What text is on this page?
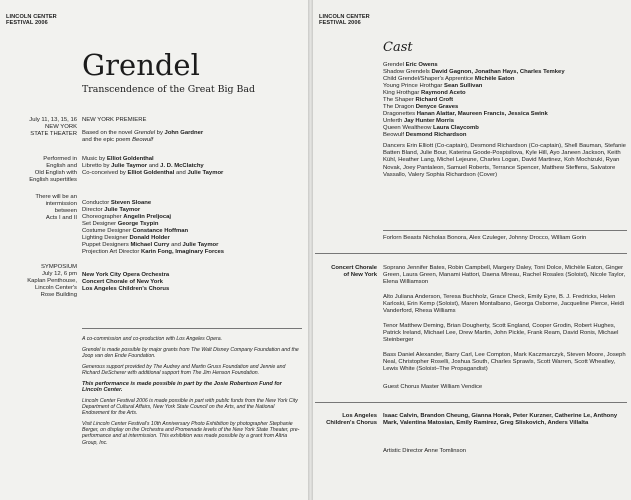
LINCOLN CENTER
FESTIVAL 2006
Grendel
Transcendence of the Great Big Bad
July 11, 13, 15, 16
NEW YORK
STATE THEATER
NEW YORK PREMIERE
Based on the novel Grendel by John Gardner
and the epic poem Beowulf
Performed in
English and
Old English with
English supertitles
Music by Elliot Goldenthal
Libretto by Julie Taymor and J. D. McClatchy
Co-conceived by Elliot Goldenthal and Julie Taymor
There will be an
intermission
between
Acts I and II
Conductor Steven Sloane
Director Julie Taymor
Choreographer Angelin Preljocaj
Set Designer George Tsypin
Costume Designer Constance Hoffman
Lighting Designer Donald Holder
Puppet Designers Michael Curry and Julie Taymor
Projection Art Director Karin Fong, Imaginary Forces
SYMPOSIUM
July 12, 6 pm
Kaplan Penthouse,
Lincoln Center's
Rose Building
New York City Opera Orchestra
Concert Chorale of New York
Los Angeles Children's Chorus

A co-commission and co-production with Los Angeles Opera.

Grendel is made possible by major grants from The Walt Disney Company Foundation and the Joop van den Ende Foundation.

Generous support provided by The Audrey and Martin Gruss Foundation and Jennie and Richard DeScherer with additional support from The Jim Henson Foundation.

This performance is made possible in part by the Josie Robertson Fund for Lincoln Center.

Lincoln Center Festival 2006 is made possible in part with public funds from the New York City Department of Cultural Affairs, New York State Council on the Arts, and the National Endowment for the Arts.

Visit Lincoln Center Festival's 10th Anniversary Photo Exhibition by photographer Stephanie Berger, on display on the Orchestra and Promenade levels of the New York State Theater, pre-performance and at intermission. This exhibition was made possible by a grant from Altria Group, Inc.

LINCOLN CENTER
FESTIVAL 2006
Cast
Grendel Eric Owens
Shadow Grendels David Gagnon, Jonathan Hays, Charles Temkey
Child Grendel/Shaper's Apprentice Michèle Eaton
Young Prince Hrothgar Sean Sullivan
King Hrothgar Raymond Aceto
The Shaper Richard Croft
The Dragon Denyce Graves
Dragonettes Hanan Alattar, Maureen Francis, Jessica Swink
Unferth Jay Hunter Morris
Queen Wealtheow Laura Claycomb
Beowulf Desmond Richardson
Dancers Erin Elliott (Co-captain), Desmond Richardson (Co-captain), Shell Bauman, Stefanie Batten Bland, Julie Bour, Katerina Goode-Pospisilova, Kyle Hill, Ayo Janeen Jackson, Keith Kühl, Heather Lang, Michel Lejeune, Charles Logan, David Martinez, Koh Mochizuki, Ryan Novak, Joey Pantaleon, Samuel Roberts, Terrance Spencer, Matthew Steffens, Salvatore Vassallo, Valery Sophia Richardson (Cover)
Forlorn Beasts Nicholas Bonora, Alex Czuleger, Johnny Drocco, William Gorin
Concert Chorale
of New York
Soprano Jennifer Bates, Robin Campbell, Margery Daley, Toni Dolce, Michèle Eaton, Ginger Green, Laura Green, Manami Hattori, Daena Mireau, Rachel Rosales (Soloist), Nicole Taylor, Elena Williamson
Alto Juliana Anderson, Teresa Buchholz, Grace Check, Emily Eyre, B. J. Fredricks, Helen Karloski, Erin Kemp (Soloist), Maren Montalbano, Georga Osborne, Jacqueline Pierce, Heidi Vanderford, Rhesa Williams
Tenor Matthew Deming, Brian Dougherty, Scott England, Cooper Grodin, Robert Hughes, Patrick Ireland, Michael Lee, Drew Martin, John Pickle, Frank Ream, David Ronis, Michael Steinberger
Bass Daniel Alexander, Barry Carl, Lee Compton, Mark Kaczmarczyk, Steven Moore, Joseph Neal, Christopher Roselli, Joshua South, Charles Sprawls, Scott Warren, Scott Wheatley, Lewis White (Soloist–The Propagandist)
Guest Chorus Master William Vendice
Los Angeles
Children's Chorus
Isaac Calvin, Brandon Cheung, Gianna Horak, Peter Kurzner, Catherine Le, Anthony Mark, Valentina Matosian, Emily Ramirez, Greg Sliskovich, Anders Villalta
Artistic Director Anne Tomlinson
